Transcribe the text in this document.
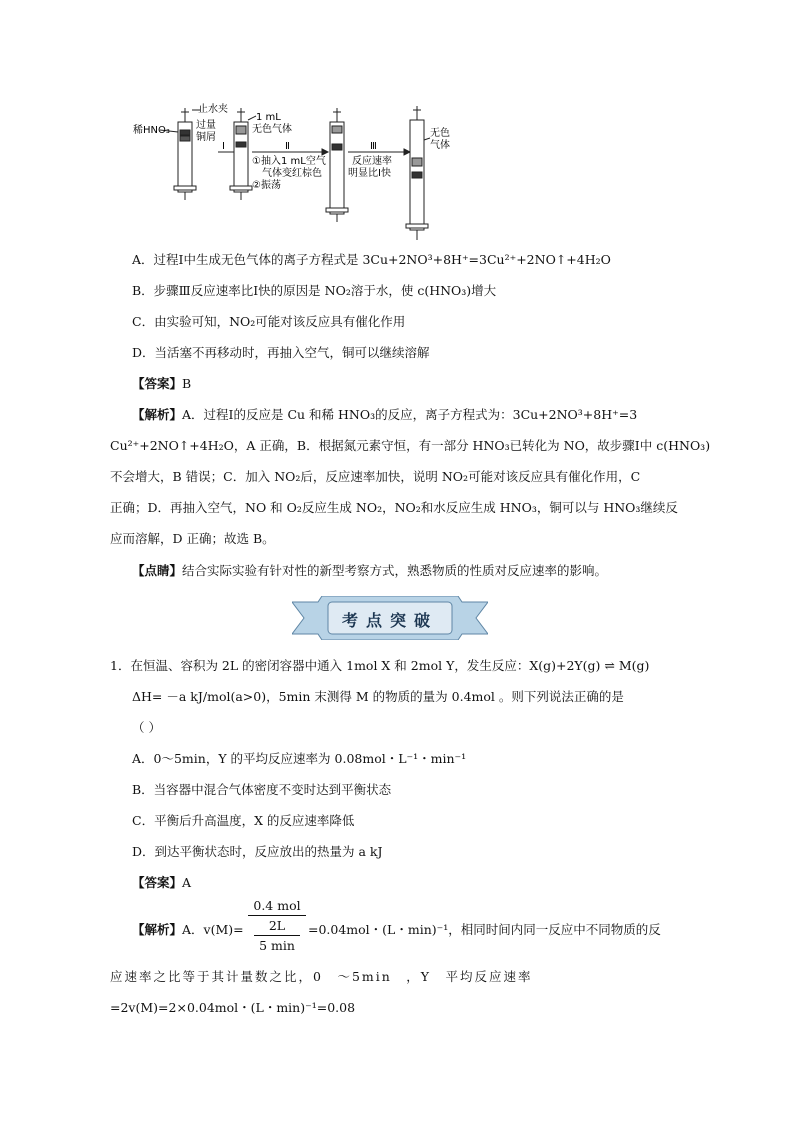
稀HNO₃
止水夹
过量
铜屑
Ⅰ
1 mL
无色气体
Ⅱ
①抽入1 mL空气
气体变红棕色
②振荡
Ⅲ
反应速率
明显比Ⅰ快
无色
气体
A．过程Ⅰ中生成无色气体的离子方程式是 3Cu+2NO³+8H⁺=3Cu²⁺+2NO↑+4H₂O
B．步骤Ⅲ反应速率比Ⅰ快的原因是 NO₂溶于水，使 c(HNO₃)增大
C．由实验可知，NO₂可能对该反应具有催化作用
D．当活塞不再移动时，再抽入空气，铜可以继续溶解
【答案】B
【解析】A．过程Ⅰ的反应是 Cu 和稀 HNO₃的反应，离子方程式为：3Cu+2NO³+8H⁺=3
Cu²⁺+2NO↑+4H₂O，A 正确，B．根据氮元素守恒，有一部分 HNO₃已转化为 NO，故步骤Ⅰ中 c(HNO₃)
不会增大，B 错误；C．加入 NO₂后，反应速率加快，说明 NO₂可能对该反应具有催化作用，C
正确；D．再抽入空气，NO 和 O₂反应生成 NO₂，NO₂和水反应生成 HNO₃，铜可以与 HNO₃继续反
应而溶解，D 正确；故选 B。
【点睛】结合实际实验有针对性的新型考察方式，熟悉物质的性质对反应速率的影响。
考点突破
1．在恒温、容积为 2L 的密闭容器中通入 1mol X 和 2mol Y，发生反应：X(g)+2Y(g) ⇌ M(g)
ΔH= －a kJ/mol(a>0)，5min 末测得 M 的物质的量为 0.4mol 。则下列说法正确的是
（ ）
A．0～5min，Y 的平均反应速率为 0.08mol・L⁻¹・min⁻¹
B．当容器中混合气体密度不变时达到平衡状态
C．平衡后升高温度，X 的反应速率降低
D．到达平衡状态时，反应放出的热量为 a kJ
【答案】A
【解析】A．v(M)=
0.4 mol
2L
5 min
=0.04mol・(L・min)⁻¹，相同时间内同一反应中不同物质的反
应速率之比等于其计量数之比，0　～5min　，Y　平均反应速率
=2v(M)=2×0.04mol・(L・min)⁻¹=0.08
